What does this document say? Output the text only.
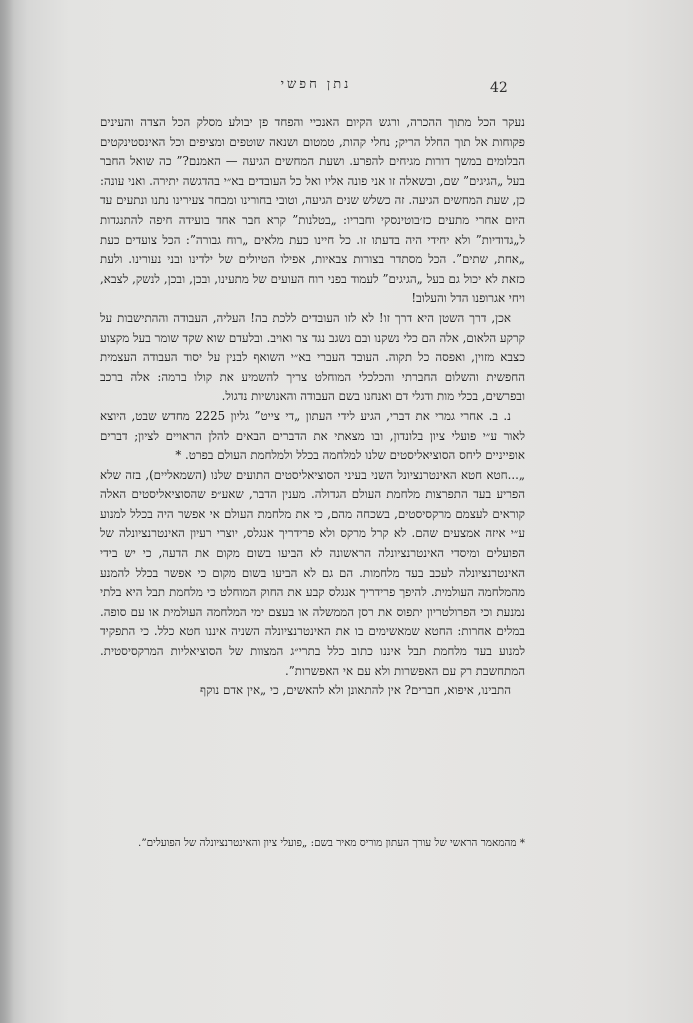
נתן חפשי	42

נעקר הכל מתוך ההכרה, ורגש הקיום האנכיי והפחד פן יבולע מסלק הכל הצדה והעינים פקוחות אל תוך החלל הריק; נחלי קהות, טמטום ושנאה שוטפים ומציפים וכל האינסטינקטים הבלומים במשך דורות מגיחים להפרע. ושעת המחשים הגיעה — האמנם?” כה שואל החבר בעל „הגיגים” שם, ובשאלה זו אני פונה אליו ואל כל העובדים בא״י בהדגשה יתירה. ואני עונה: כן, שעת המחשים הגיעה. זה כשלש שנים הגיעה, וטובי בחורינו ומבחר צעירינו נתנו ונתעים עד היום אחרי מתעים כז׳בוטינסקי וחבריו: „בטלנות” קרא חבר אחד בועידה חיפה להתנגדות ל„גדודיות” ולא יחידי היה בדעתו זו. כל חיינו כעת מלאים „רוח גבורה”: הכל צועדים כעת „אחת, שתים”. הכל מסתדר בצורות צבאיות, אפילו הטיולים של ילדינו ובני נעורינו. ולעת כזאת לא יכול גם בעל „הגיגים” לעמוד בפני רוח העועים של מתעינו, ובכן, ובכן, לנשק, לצבא, ויחי אגרופנו הדל והעלוב!

אכן, דרך השטן היא דרך זו! לא לזו העובדים ללכת בה! העליה, העבודה וההתישבות על קרקע הלאום, אלה הם כלי נשקנו ובם נשגב נגד צר ואויב. ובלעדם שוא שקד שומר בעל מקצוע כצבא מזוין, ואפסה כל תקוה. העובד העברי בא״י השואף לבנין על יסוד העבודה העצמית החפשית והשלום החברתי והכלכלי המוחלט צריך להשמיע את קולו ברמה: אלה ברכב ובפרשים, בכלי מות ודגלי דם ואנחנו בשם העבודה והאנושיות נדגול.

נ. ב. אחרי גמרי את דברי, הגיע לידי העתון „די צייט” גליון 2225 מחדש שבט, היוצא לאור ע״י פועלי ציון בלונדון, ובו מצאתי את הדברים הבאים להלן הראויים לציון; דברים אופייניים ליחס הסוציאליסטים שלנו למלחמה בכלל ולמלחמת העולם בפרט. *

„...חטא חטא האינטרנציונל השני בעיני הסוציאליסטים התועים שלנו (השמאליים), בזה שלא הפריע בעד התפרצות מלחמת העולם הגדולה. מענין הדבר, שאע״פ שהסוציאליסטים האלה קוראים לעצמם מרקסיסטים, בשכחה מהם, כי את מלחמת העולם אי אפשר היה בכלל למנוע ע״י איזה אמצעים שהם. לא קרל מרקס ולא פרידריך אנגלס, יוצרי רעיון האינטרנציונלה של הפועלים ומיסדי האינטרנציונלה הראשונה לא הביעו בשום מקום את הדעה, כי יש בידי האינטרנציונלה לעכב בעד מלחמות. הם גם לא הביעו בשום מקום כי אפשר בכלל להמנע מהמלחמה העולמית. להיפך פרידריך אנגלס קבע את החוק המוחלט כי מלחמת תבל היא בלתי נמנעת וכי הפרולטריון יתפוס את רסן הממשלה או בעצם ימי המלחמה העולמית או עם סופה. במלים אחרות: החטא שמאשימים בו את האינטרנציונלה השניה איננו חטא כלל. כי התפקיד למנוע בעד מלחמת תבל איננו כתוב כלל בתרי״ג המצוות של הסוציאליות המרקסיסטית. המתחשבת רק עם האפשרות ולא עם אי האפשרות”.

התבינו, איפוא, חברים? אין להתאונן ולא להאשים, כי „אין אדם נוקף

* מהמאמר הראשי של עורך העתון מוריס מאיר בשם: „פועלי ציון והאינטרנציונלה של הפועלים”.
